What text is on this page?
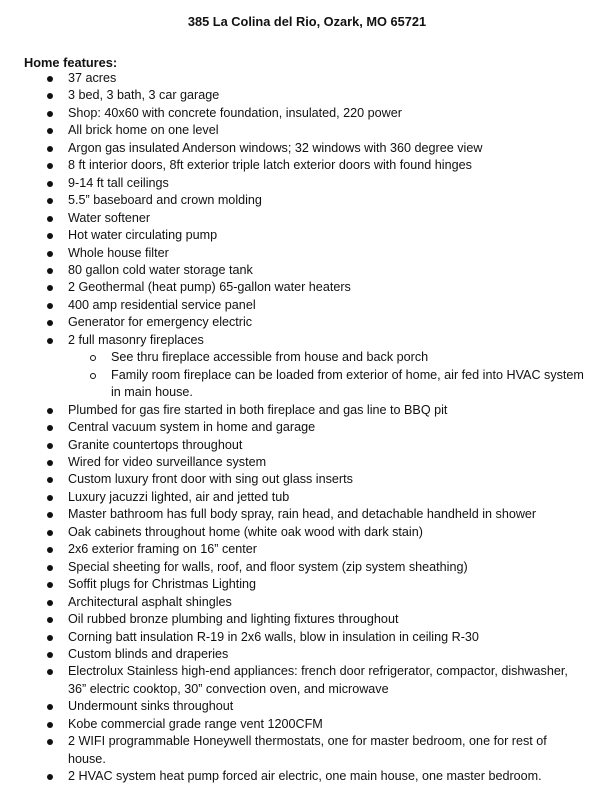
385 La Colina del Rio, Ozark, MO 65721
Home features:
37 acres
3 bed, 3 bath, 3 car garage
Shop: 40x60 with concrete foundation, insulated, 220 power
All brick home on one level
Argon gas insulated Anderson windows; 32 windows with 360 degree view
8 ft interior doors, 8ft exterior triple latch exterior doors with found hinges
9-14 ft tall ceilings
5.5” baseboard and crown molding
Water softener
Hot water circulating pump
Whole house filter
80 gallon cold water storage tank
2 Geothermal (heat pump) 65-gallon water heaters
400 amp residential service panel
Generator for emergency electric
2 full masonry fireplaces
See thru fireplace accessible from house and back porch
Family room fireplace can be loaded from exterior of home, air fed into HVAC system in main house.
Plumbed for gas fire started in both fireplace and gas line to BBQ pit
Central vacuum system in home and garage
Granite countertops throughout
Wired for video surveillance system
Custom luxury front door with sing out glass inserts
Luxury jacuzzi lighted, air and jetted tub
Master bathroom has full body spray, rain head, and detachable handheld in shower
Oak cabinets throughout home (white oak wood with dark stain)
2x6 exterior framing on 16” center
Special sheeting for walls, roof, and floor system (zip system sheathing)
Soffit plugs for Christmas Lighting
Architectural asphalt shingles
Oil rubbed bronze plumbing and lighting fixtures throughout
Corning batt insulation R-19 in 2x6 walls, blow in insulation in ceiling R-30
Custom blinds and draperies
Electrolux Stainless high-end appliances: french door refrigerator, compactor, dishwasher, 36” electric cooktop, 30” convection oven, and microwave
Undermount sinks throughout
Kobe commercial grade range vent 1200CFM
2 WIFI programmable Honeywell thermostats, one for master bedroom, one for rest of house.
2 HVAC system heat pump forced air electric, one main house, one master bedroom.
